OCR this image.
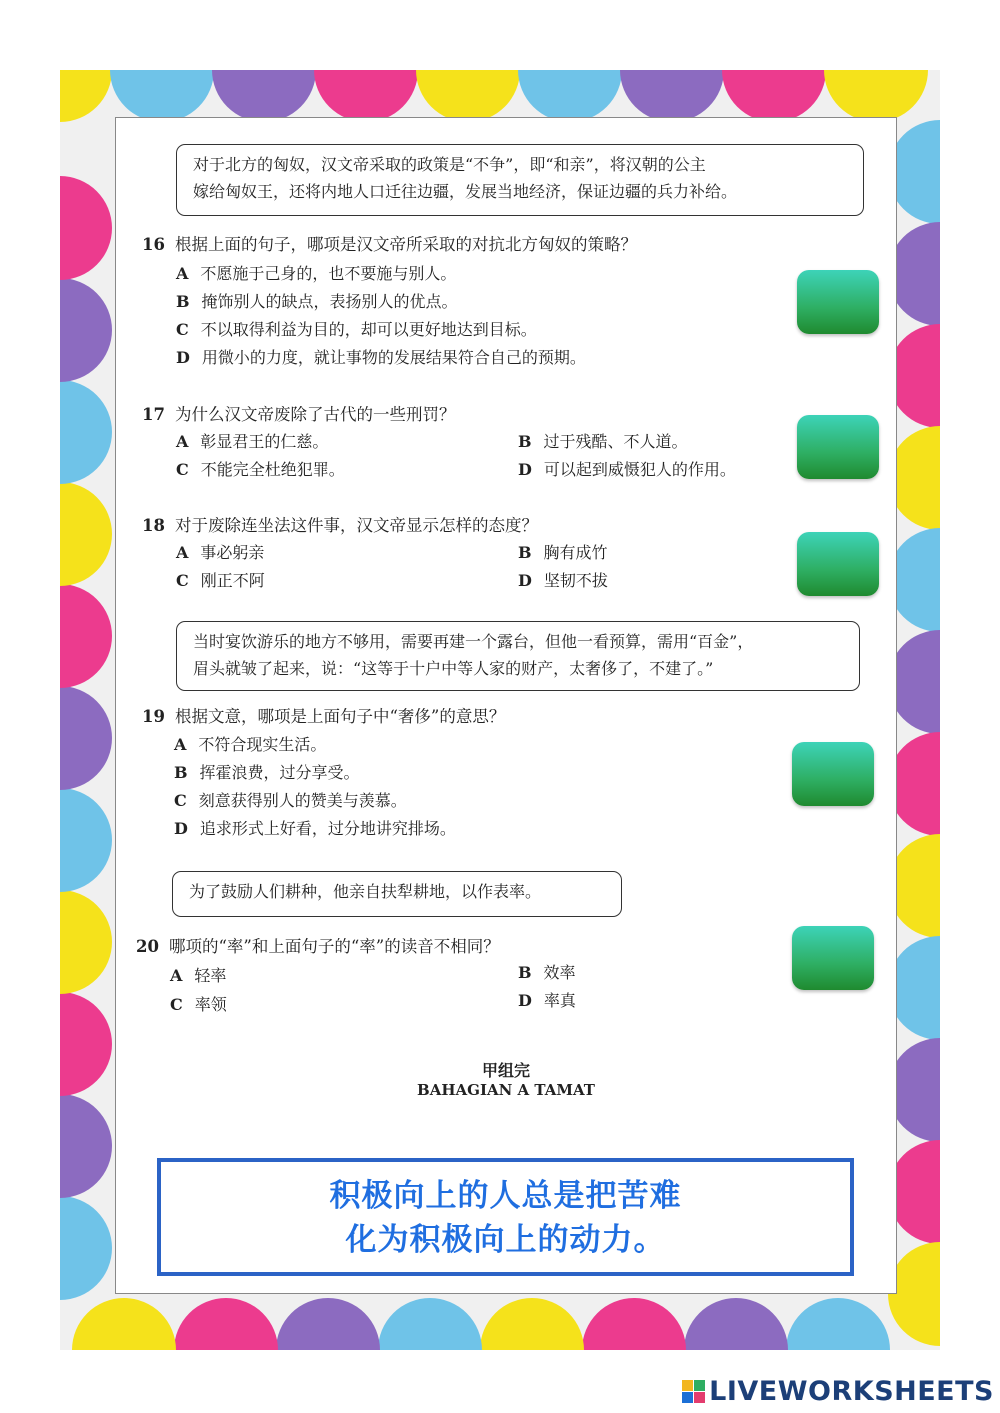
对于北方的匈奴，汉文帝采取的政策是“不争”，即“和亲”，将汉朝的公主
嫁给匈奴王，还将内地人口迁往边疆，发展当地经济，保证边疆的兵力补给。
16 根据上面的句子，哪项是汉文帝所采取的对抗北方匈奴的策略？
A 不愿施于己身的，也不要施与别人。
B 掩饰别人的缺点，表扬别人的优点。
C 不以取得利益为目的，却可以更好地达到目标。
D 用微小的力度，就让事物的发展结果符合自己的预期。
17 为什么汉文帝废除了古代的一些刑罚？
A 彰显君王的仁慈。	B 过于残酷、不人道。
C 不能完全杜绝犯罪。	D 可以起到威慑犯人的作用。
18 对于废除连坐法这件事，汉文帝显示怎样的态度？
A 事必躬亲	B 胸有成竹
C 刚正不阿	D 坚韧不拔
当时宴饮游乐的地方不够用，需要再建一个露台，但他一看预算，需用“百金”，
眉头就皱了起来，说：“这等于十户中等人家的财产，太奢侈了，不建了。”
19 根据文意，哪项是上面句子中“奢侈”的意思？
A 不符合现实生活。
B 挥霍浪费，过分享受。
C 刻意获得别人的赞美与羡慕。
D 追求形式上好看，过分地讲究排场。
为了鼓励人们耕种，他亲自扶犁耕地，以作表率。
20 哪项的“率”和上面句子的“率”的读音不相同？
A 轻率	B 效率
C 率领	D 率真
甲组完
BAHAGIAN A TAMAT
积极向上的人总是把苦难
化为积极向上的动力。
LIVEWORKSHEETS
